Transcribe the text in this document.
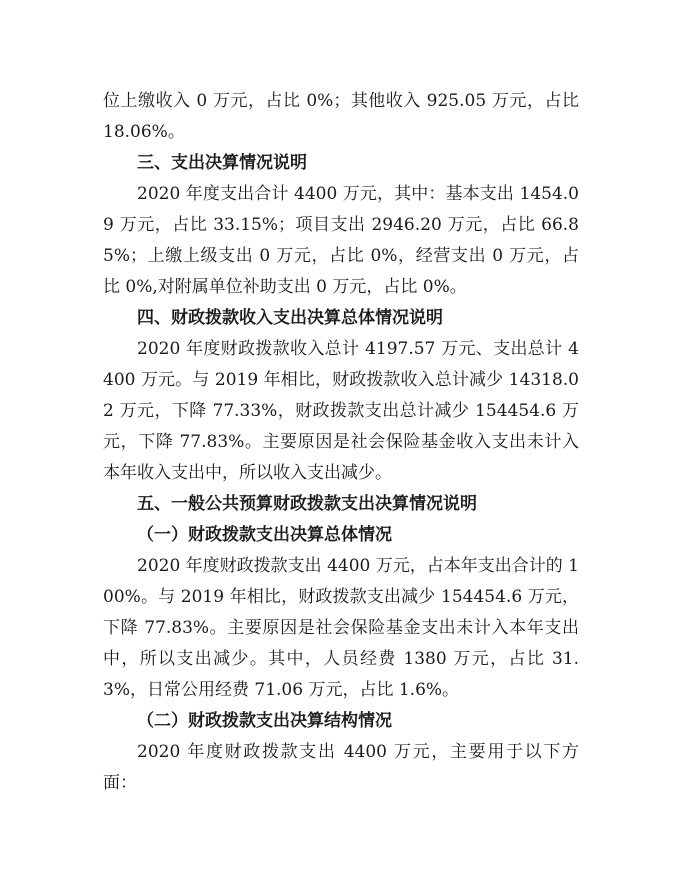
位上缴收入 0 万元，占比 0%；其他收入 925.05 万元，占比 18.06%。

三、支出决算情况说明

2020 年度支出合计 4400 万元，其中：基本支出 1454.09 万元，占比 33.15%；项目支出 2946.20 万元，占比 66.85%；上缴上级支出 0 万元，占比 0%，经营支出 0 万元，占比 0%,对附属单位补助支出 0 万元，占比 0%。

四、财政拨款收入支出决算总体情况说明

2020 年度财政拨款收入总计 4197.57 万元、支出总计 4400 万元。与 2019 年相比，财政拨款收入总计减少 14318.02 万元，下降 77.33%，财政拨款支出总计减少 154454.6 万元，下降 77.83%。主要原因是社会保险基金收入支出未计入本年收入支出中，所以收入支出减少。

五、一般公共预算财政拨款支出决算情况说明
（一）财政拨款支出决算总体情况

2020 年度财政拨款支出 4400 万元，占本年支出合计的 100%。与 2019 年相比，财政拨款支出减少 154454.6 万元，下降 77.83%。主要原因是社会保险基金支出未计入本年支出中，所以支出减少。其中，人员经费 1380 万元，占比 31.3%，日常公用经费 71.06 万元，占比 1.6%。

（二）财政拨款支出决算结构情况

2020 年度财政拨款支出 4400 万元，主要用于以下方面：
